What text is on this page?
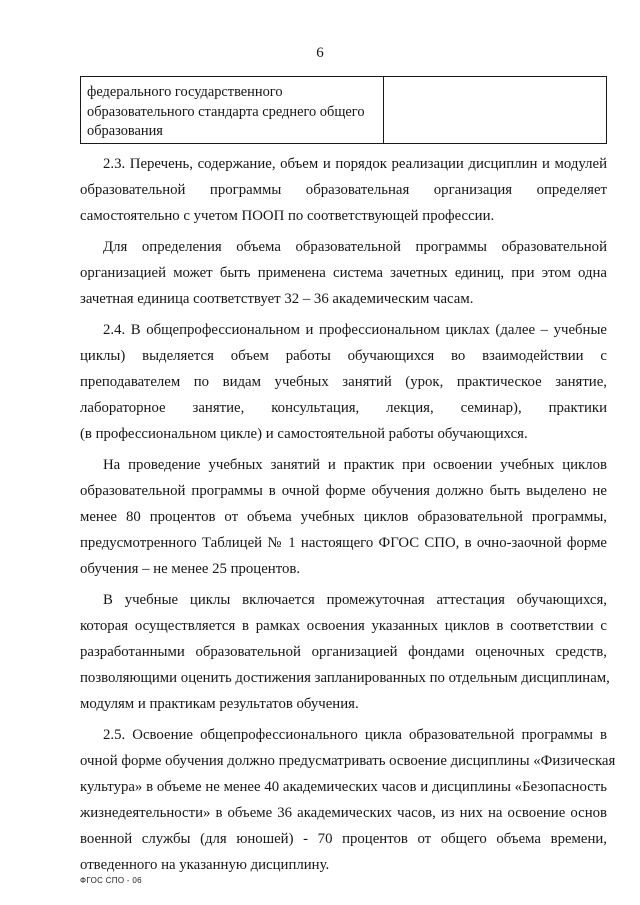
6
федерального государственного
образовательного стандарта среднего общего
образования

2.3. Перечень, содержание, объем и порядок реализации дисциплин и модулей
образовательной программы образовательная организация определяет
самостоятельно с учетом ПООП по соответствующей профессии.

Для определения объема образовательной программы образовательной
организацией может быть применена система зачетных единиц, при этом одна
зачетная единица соответствует 32 – 36 академическим часам.

2.4. В общепрофессиональном и профессиональном циклах (далее – учебные
циклы) выделяется объем работы обучающихся во взаимодействии с
преподавателем по видам учебных занятий (урок, практическое занятие,
лабораторное занятие, консультация, лекция, семинар), практики
(в профессиональном цикле) и самостоятельной работы обучающихся.

На проведение учебных занятий и практик при освоении учебных циклов
образовательной программы в очной форме обучения должно быть выделено не
менее 80 процентов от объема учебных циклов образовательной программы,
предусмотренного Таблицей № 1 настоящего ФГОС СПО, в очно-заочной форме
обучения – не менее 25 процентов.

В учебные циклы включается промежуточная аттестация обучающихся,
которая осуществляется в рамках освоения указанных циклов в соответствии с
разработанными образовательной организацией фондами оценочных средств,
позволяющими оценить достижения запланированных по отдельным дисциплинам,
модулям и практикам результатов обучения.

2.5. Освоение общепрофессионального цикла образовательной программы в
очной форме обучения должно предусматривать освоение дисциплины «Физическая
культура» в объеме не менее 40 академических часов и дисциплины «Безопасность
жизнедеятельности» в объеме 36 академических часов, из них на освоение основ
военной службы (для юношей) - 70 процентов от общего объема времени,
отведенного на указанную дисциплину.

ФГОС СПО - 06
